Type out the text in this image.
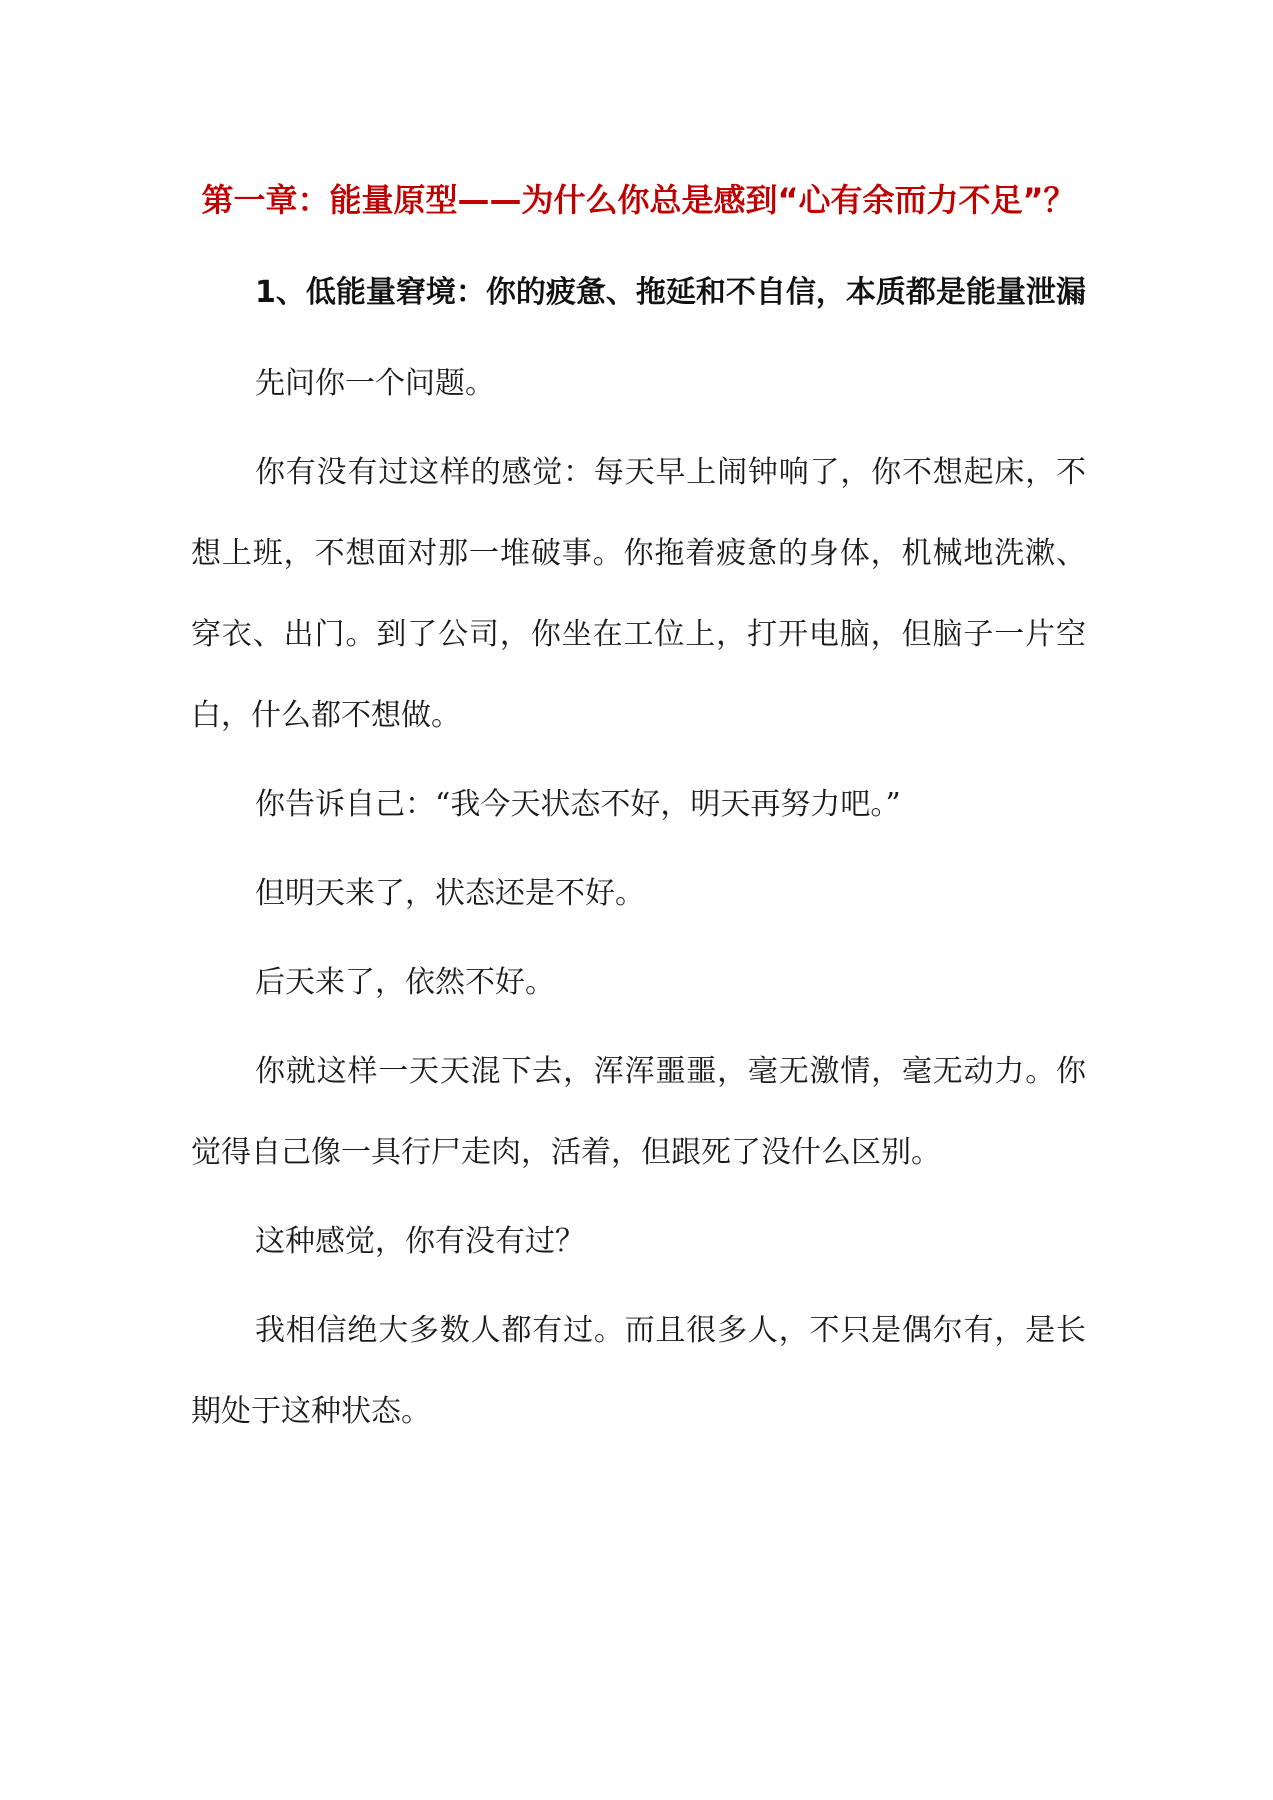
第一章：能量原型——为什么你总是感到“心有余而力不足”？
1、低能量窘境：你的疲惫、拖延和不自信，本质都是能量泄漏

先问你一个问题。

你有没有过这样的感觉：每天早上闹钟响了，你不想起床，不想上班，不想面对那一堆破事。你拖着疲惫的身体，机械地洗漱、穿衣、出门。到了公司，你坐在工位上，打开电脑，但脑子一片空白，什么都不想做。

你告诉自己：“我今天状态不好，明天再努力吧。”

但明天来了，状态还是不好。

后天来了，依然不好。

你就这样一天天混下去，浑浑噩噩，毫无激情，毫无动力。你觉得自己像一具行尸走肉，活着，但跟死了没什么区别。

这种感觉，你有没有过？

我相信绝大多数人都有过。而且很多人，不只是偶尔有，是长期处于这种状态。
